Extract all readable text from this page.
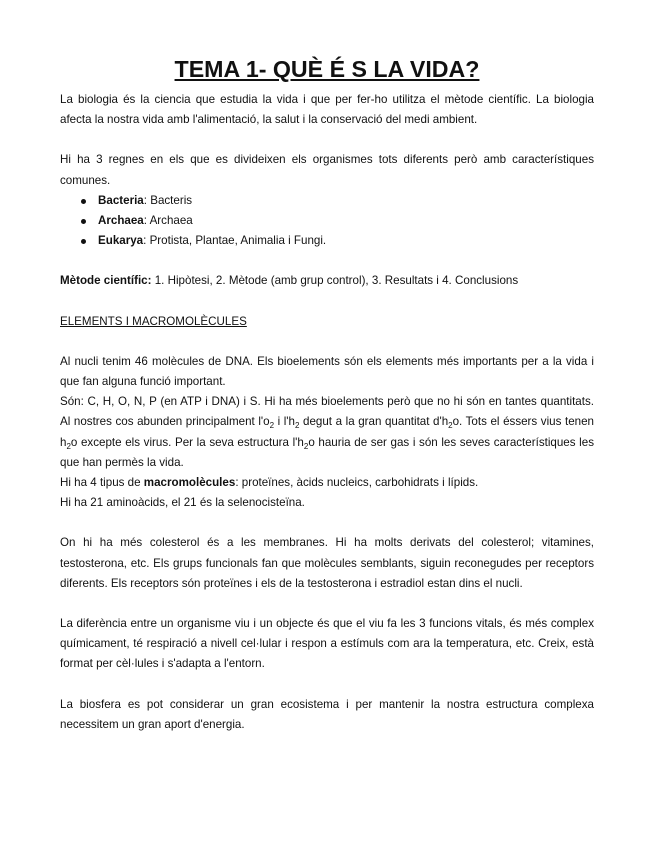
TEMA 1- QUÈ É S LA VIDA?

La biologia és la ciencia que estudia la vida i que per fer-ho utilitza el mètode científic. La biologia afecta la nostra vida amb l'alimentació, la salut i la conservació del medi ambient.

Hi ha 3 regnes en els que es divideixen els organismes tots diferents però amb característiques comunes.

Bacteria: Bacteris
Archaea: Archaea
Eukarya: Protista, Plantae, Animalia i Fungi.

Mètode científic: 1. Hipòtesi, 2. Mètode (amb grup control), 3. Resultats i 4. Conclusions

ELEMENTS I MACROMOLÈCULES

Al nucli tenim 46 molècules de DNA. Els bioelements són els elements més importants per a la vida i que fan alguna funció important.

Són: C, H, O, N, P (en ATP i DNA) i S. Hi ha més bioelements però que no hi són en tantes quantitats. Al nostres cos abunden principalment $l'o_2$ i $l'h_2$ degut a la gran quantitat $d'h_2o$. Tots el éssers vius tenen $h_2o$ excepte els virus. Per la seva estructura $l'h_2o$ hauria de ser gas i són les seves característiques les que han permès la vida.

Hi ha 4 tipus de macromolècules: proteïnes, àcids nucleics, carbohidrats i lípids.

Hi ha 21 aminoàcids, el 21 és la selenocisteïna.

On hi ha més colesterol és a les membranes. Hi ha molts derivats del colesterol; vitamines, testosterona, etc. Els grups funcionals fan que molècules semblants, siguin reconegudes per receptors diferents. Els receptors són proteïnes i els de la testosterona i estradiol estan dins el nucli.

La diferència entre un organisme viu i un objecte és que el viu fa les 3 funcions vitals, és més complex químicament, té respiració a nivell cel·lular i respon a estímuls com ara la temperatura, etc. Creix, està format per cèl·lules i s'adapta a l'entorn.

La biosfera es pot considerar un gran ecosistema i per mantenir la nostra estructura complexa necessitem un gran aport d'energia.
